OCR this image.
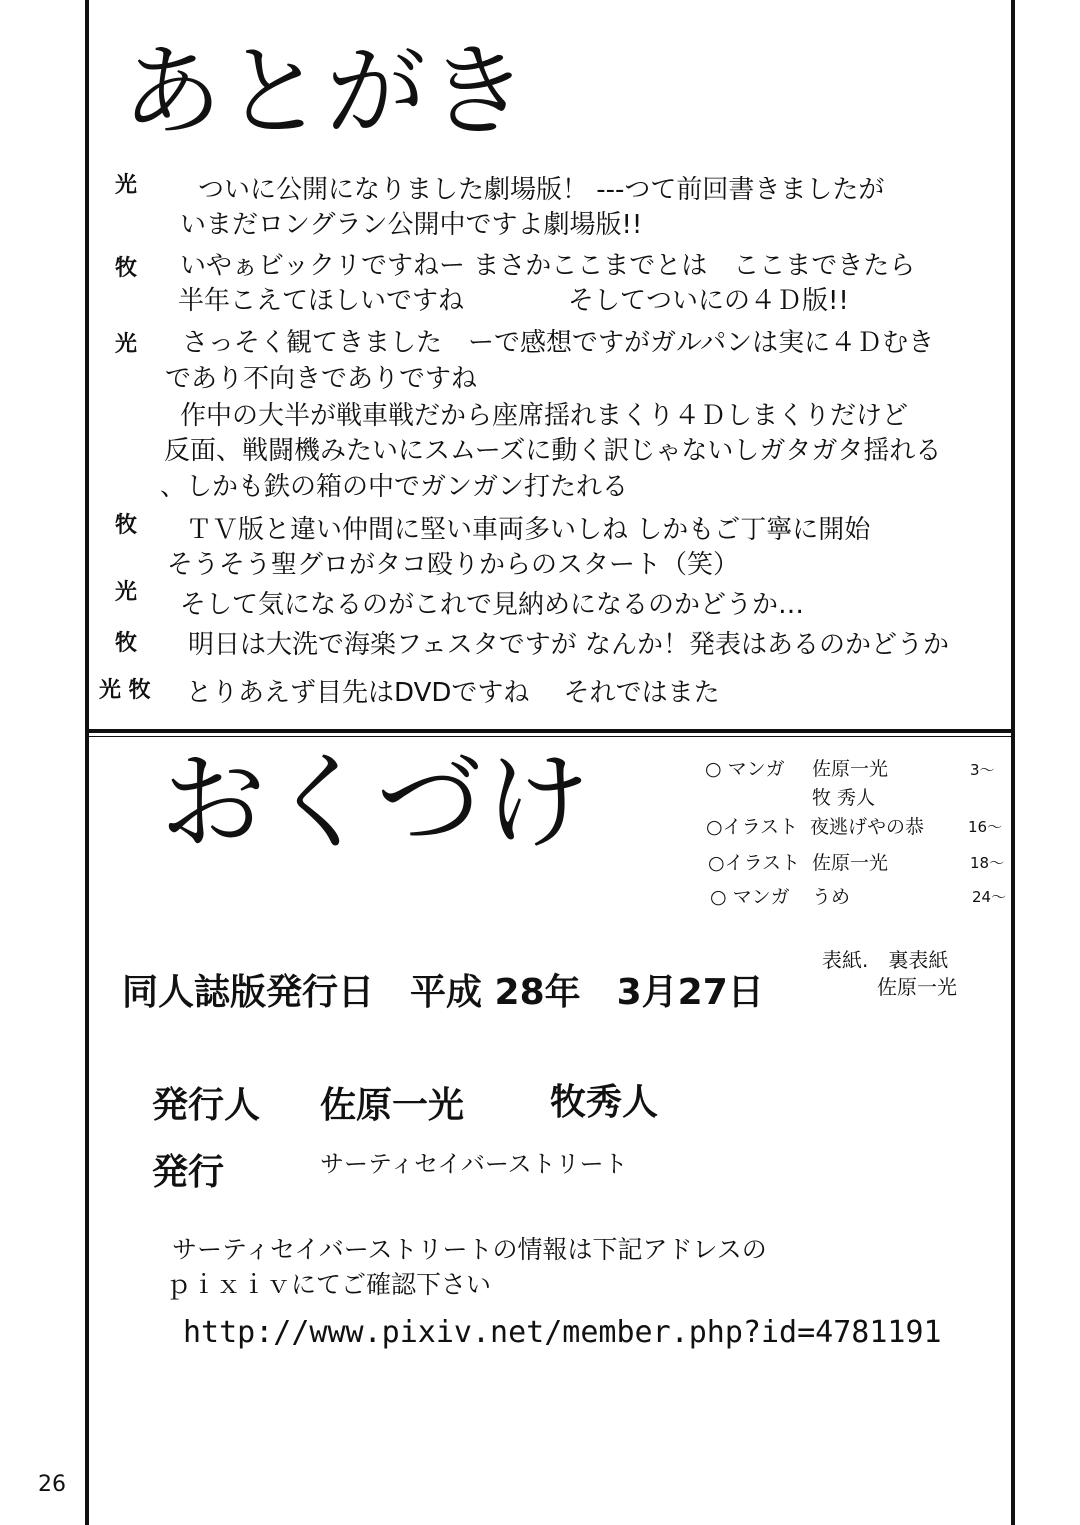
あとがき
光 ついに公開になりました劇場版！ ---つて前回書きましたが
いまだロングラン公開中ですよ劇場版!!
牧 いやぁビックリですねー まさかここまでとは　ここまできたら
半年こえてほしいですね　　　　そしてついにの４Ｄ版!!
光 さっそく観てきました　ーで感想ですがガルパンは実に４Ｄむき
であり不向きでありですね
作中の大半が戦車戦だから座席揺れまくり４Ｄしまくりだけど
反面、戦闘機みたいにスムーズに動く訳じゃないしガタガタ揺れる
、しかも鉄の箱の中でガンガン打たれる
牧 ＴＶ版と違い仲間に堅い車両多いしね しかもご丁寧に開始
そうそう聖グロがタコ殴りからのスタート（笑）
光 そして気になるのがこれで見納めになるのかどうか…
牧 明日は大洗で海楽フェスタですが なんか！発表はあるのかどうか
光 牧 とりあえず目先はDVDですね　 それではまた
おくづけ	○ マンガ 佐原一光	3～
牧 秀人
○イラスト 夜逃げやの恭	16～
○イラスト 佐原一光	18～
○ マンガ うめ	24～
表紙.　裏表紙
佐原一光
同人誌版発行日　平成 28年　3月27日
発行人 佐原一光 牧秀人
発行	サーティセイバーストリート
サーティセイバーストリートの情報は下記アドレスの
ｐｉｘｉｖにてご確認下さい
http://www.pixiv.net/member.php?id=4781191
26
